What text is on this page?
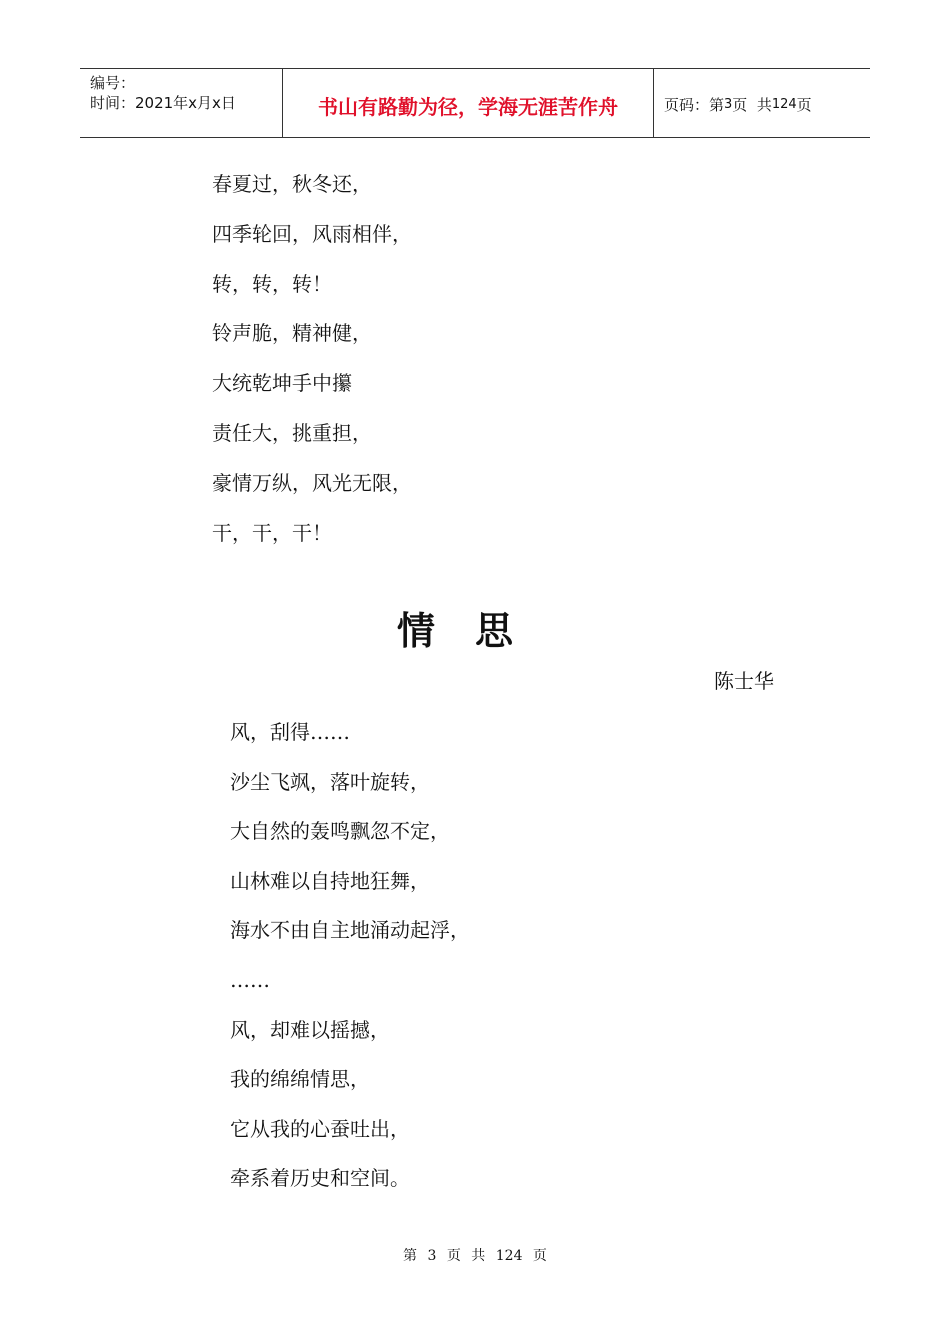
编号：
时间：2021年x月x日	书山有路勤为径，学海无涯苦作舟	页码：第 3 页  共 124 页
春夏过，秋冬还，
四季轮回，风雨相伴，
转，转，转！
铃声脆，精神健，
大统乾坤手中攥
责任大，挑重担，
豪情万纵，风光无限，
干，干，干！
情思
陈士华
风，刮得……
沙尘飞飒，落叶旋转，
大自然的轰鸣飘忽不定，
山林难以自持地狂舞，
海水不由自主地涌动起浮，
……
风，却难以摇撼，
我的绵绵情思，
它从我的心蚕吐出，
牵系着历史和空间。
第 3 页 共 124 页
